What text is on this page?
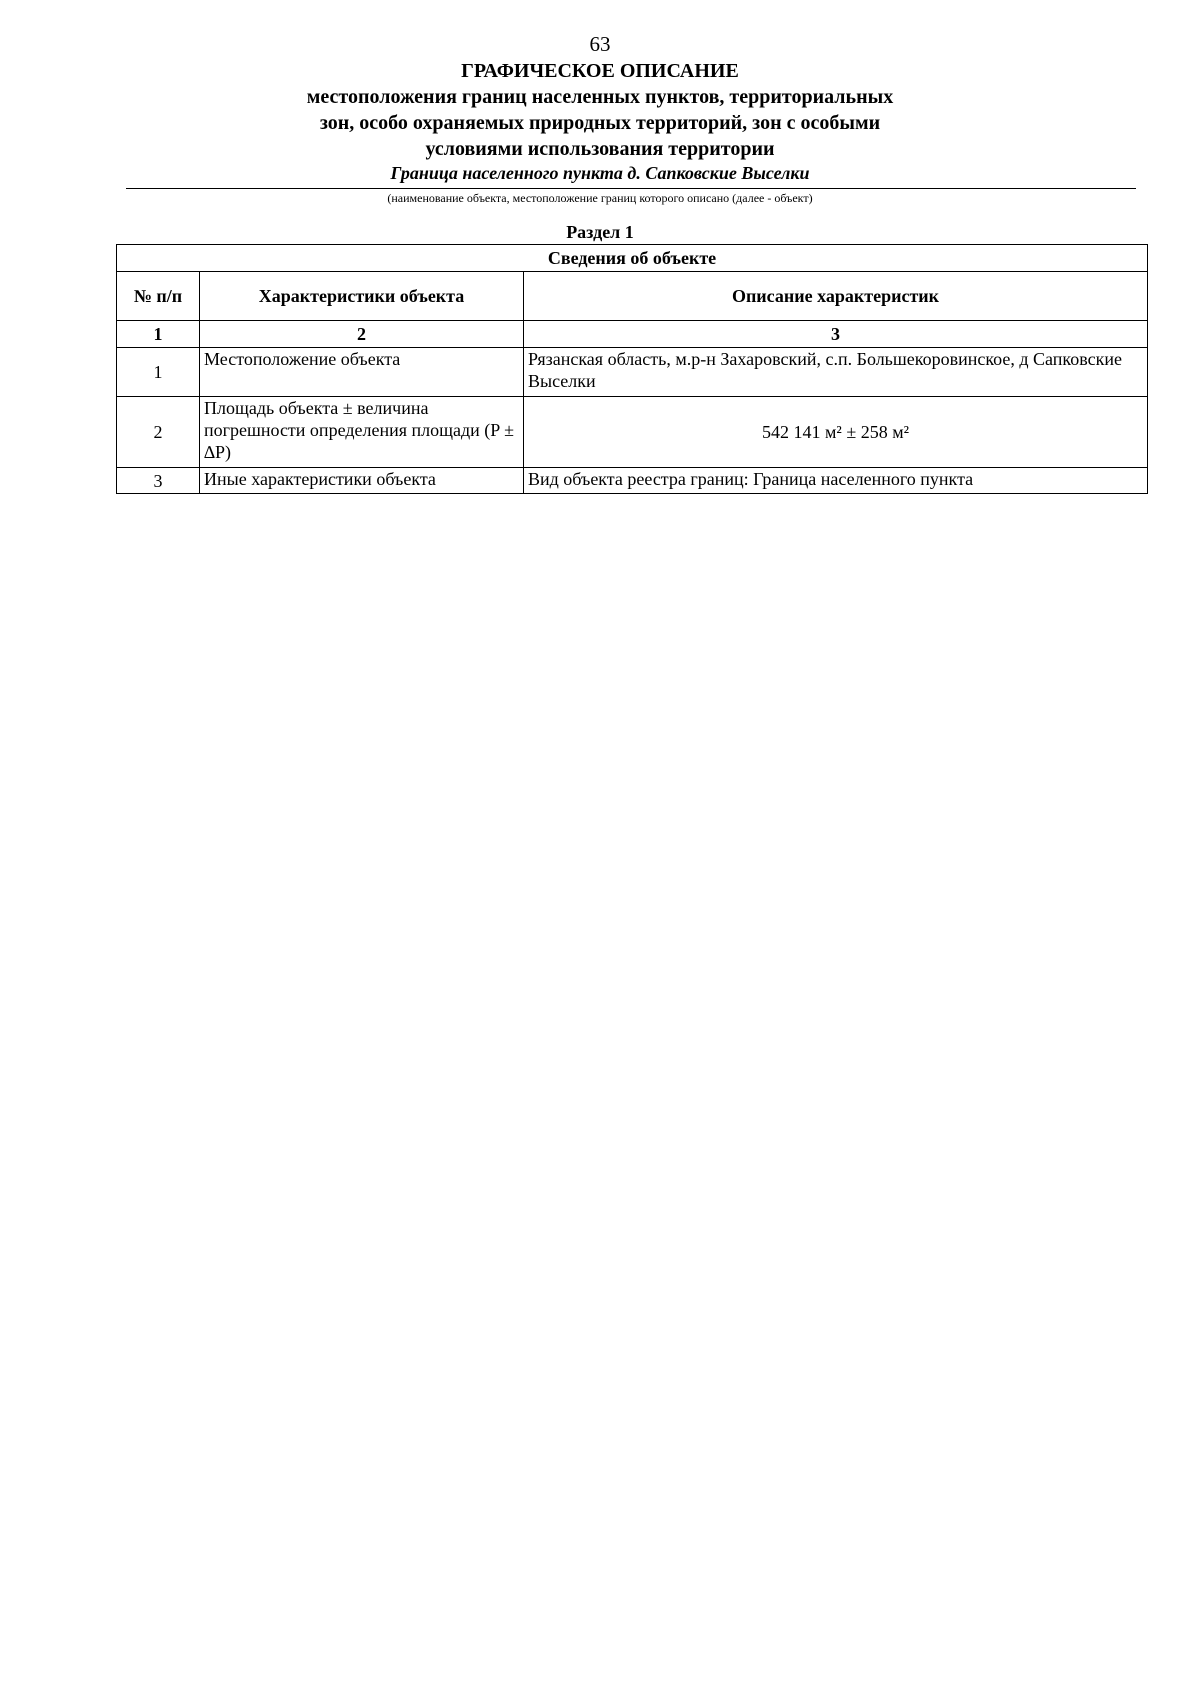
63
ГРАФИЧЕСКОЕ ОПИСАНИЕ
местоположения границ населенных пунктов, территориальных
зон, особо охраняемых природных территорий, зон с особыми
условиями использования территории
Граница населенного пункта д. Сапковские Выселки
(наименование объекта, местоположение границ которого описано (далее - объект)
Раздел 1
Сведения об объекте		
№ п/п	Характеристики объекта	Описание характеристик
1	2	3
1	Местоположение объекта	Рязанская область, м.р-н Захаровский, с.п. Большекоровинское, д Сапковские Выселки
2	Площадь объекта ± величина погрешности определения площади (P ± ∆P)	542 141 м² ± 258 м²
3	Иные характеристики объекта	Вид объекта реестра границ: Граница населенного пункта
